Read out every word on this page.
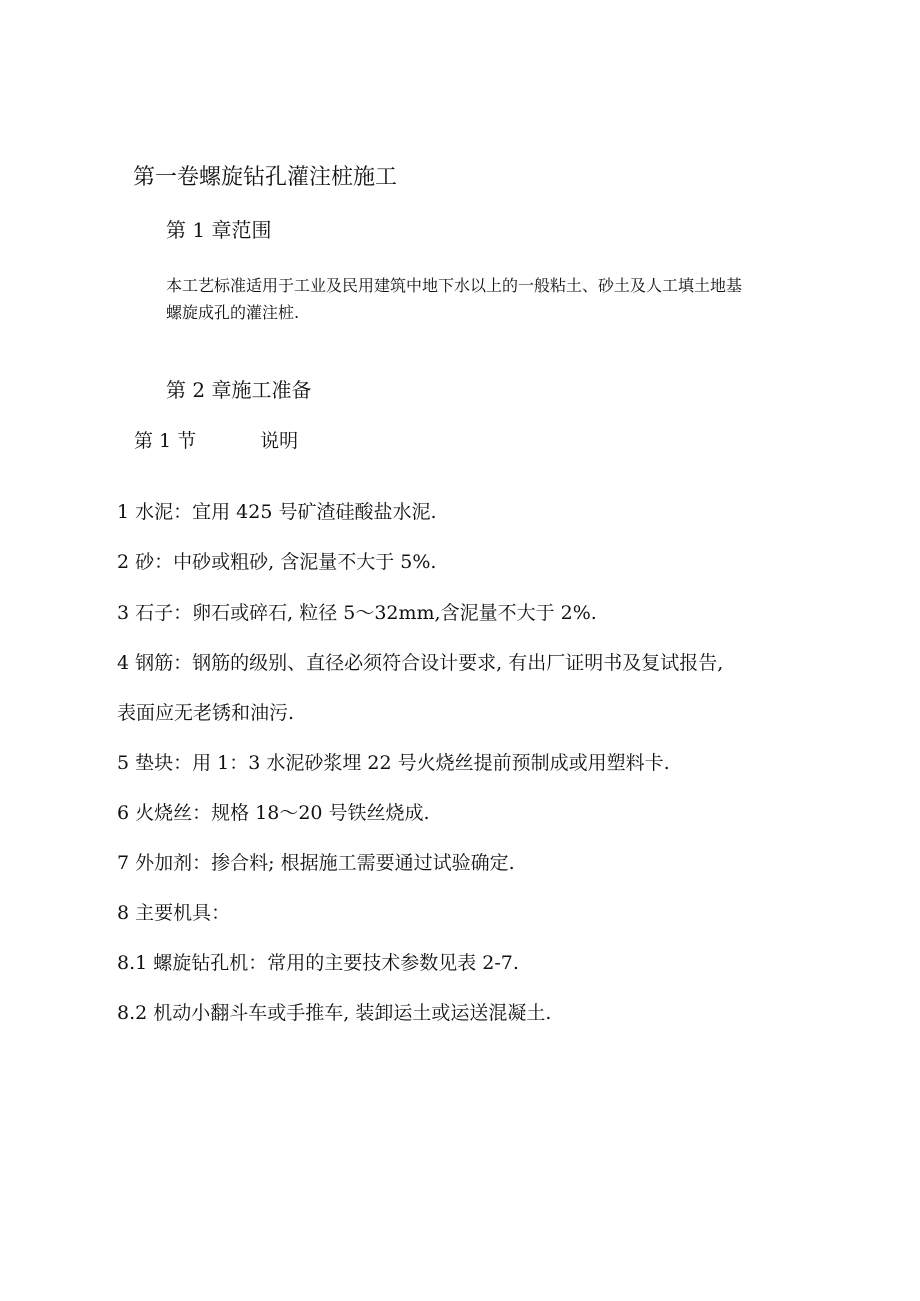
第一卷螺旋钻孔灌注桩施工
第 1 章范围
本工艺标准适用于工业及民用建筑中地下水以上的一般粘土、砂土及人工填土地基
螺旋成孔的灌注桩.
第 2 章施工准备
第 1 节	说明
1 水泥：宜用 425 号矿渣硅酸盐水泥.
2 砂：中砂或粗砂, 含泥量不大于 5%.
3 石子：卵石或碎石, 粒径 5～32mm,含泥量不大于 2%.
4 钢筋：钢筋的级别、直径必须符合设计要求, 有出厂证明书及复试报告,
表面应无老锈和油污.
5 垫块：用 1：3 水泥砂浆埋 22 号火烧丝提前预制成或用塑料卡.
6 火烧丝：规格 18～20 号铁丝烧成.
7 外加剂：掺合料; 根据施工需要通过试验确定.
8 主要机具：
8.1 螺旋钻孔机：常用的主要技术参数见表 2-7.
8.2 机动小翻斗车或手推车, 装卸运土或运送混凝土.
